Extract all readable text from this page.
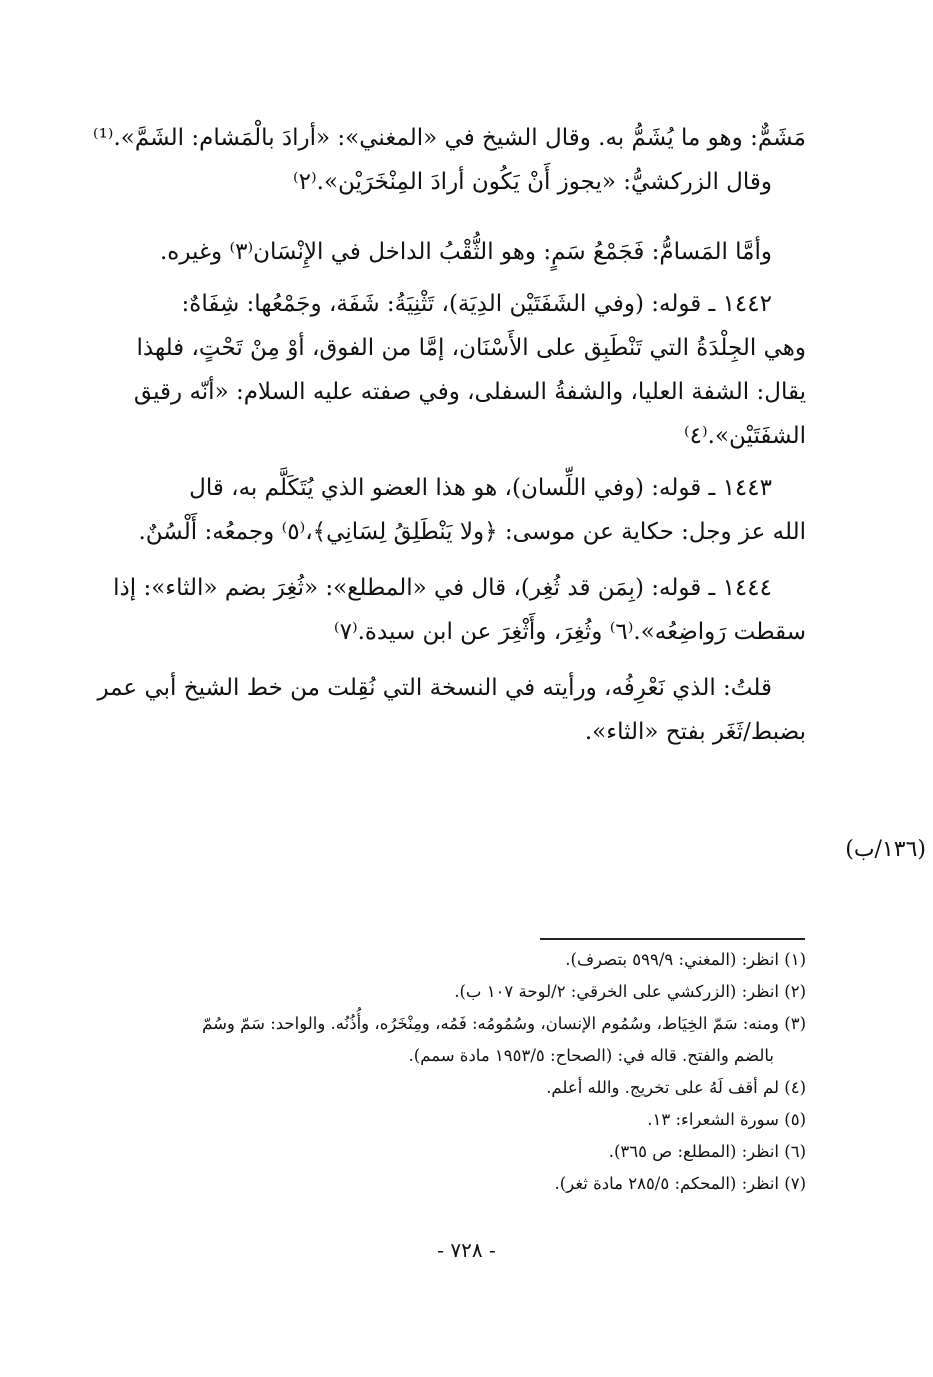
مَشَمٌّ: وهو ما يُشَمُّ به. وقال الشيخ في «المغني»: «أرادَ بالْمَشام: الشَمَّ».⁽¹⁾
وقال الزركشيُّ: «يجوز أَنْ يَكُون أرادَ المِنْخَرَيْن».⁽٢⁾
وأمَّا المَسامُّ: فَجَمْعُ سَمٍ: وهو الثُّقْبُ الداخل في الإِنْسَان⁽٣⁾ وغيره.
١٤٤٢ ـ قوله: (وفي الشَفَتَيْن الدِيَة)، تَثْنِيَةُ: شَفَة، وجَمْعُها: شِفَاهٌ:
وهي الجِلْدَةُ التي تَنْطَبِق على الأَسْنَان، إمَّا من الفوق، أوْ مِنْ تَحْتٍ، فلهذا
يقال: الشفة العليا، والشفةُ السفلى، وفي صفته عليه السلام: «أنّه رقيق
الشفَتَيْن».⁽٤⁾
١٤٤٣ ـ قوله: (وفي اللِّسان)، هو هذا العضو الذي يُتَكَلَّم به، قال
الله عز وجل: حكاية عن موسى: ﴿ولا يَنْطَلِقُ لِسَانِي﴾،⁽٥⁾ وجمعُه: أَلْسُنٌ.
١٤٤٤ ـ قوله: (بِمَن قد ثُغِر)، قال في «المطلع»: «ثُغِرَ بضم «الثاء»: إذا
سقطت رَواضِعُه».⁽٦⁾ وثُغِرَ، وأَثْغِرَ عن ابن سيدة.⁽٧⁾
قلتُ: الذي نَعْرِفُه، ورأيته في النسخة التي نُقِلت من خط الشيخ أبي عمر
بضبط/ثَغَر بفتح «الثاء».
(١٣٦/ب)
(١) انظر: (المغني: ٥٩٩/٩ بتصرف).
(٢) انظر: (الزركشي على الخرقي: ٢/لوحة ١٠٧ ب).
(٣) ومنه: سَمّ الخِيَاط، وسُمُوم الإنسان، وسُمُومُه: فَمُه، ومِنْخَرُه، وأُذُنُه. والواحد: سَمّ وسُمّ
بالضم والفتح. قاله في: (الصحاح: ١٩٥٣/٥ مادة سمم).
(٤) لم أقف لَهُ على تخريج. والله أعلم.
(٥) سورة الشعراء: ١٣.
(٦) انظر: (المطلع: ص ٣٦٥).
(٧) انظر: (المحكم: ٢٨٥/٥ مادة ثغر).
- ٧٢٨ -
